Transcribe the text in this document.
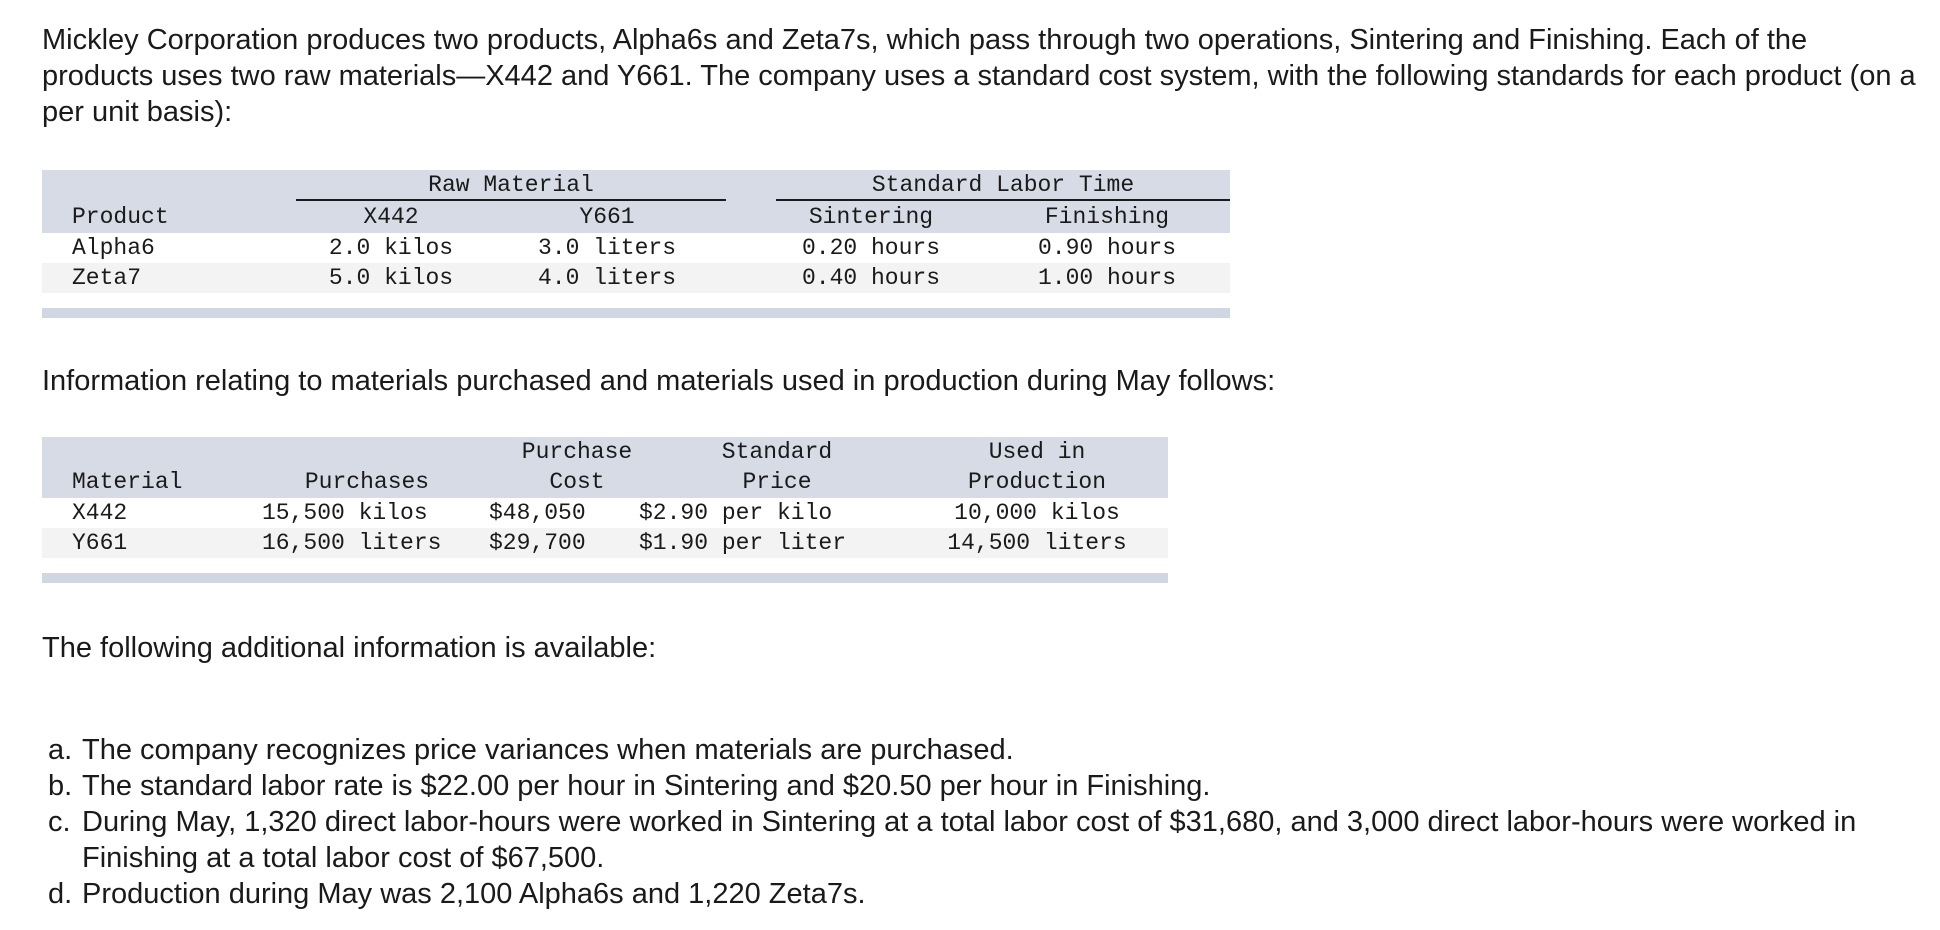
Mickley Corporation produces two products, Alpha6s and Zeta7s, which pass through two operations, Sintering and Finishing. Each of the products uses two raw materials—X442 and Y661. The company uses a standard cost system, with the following standards for each product (on a per unit basis):

Raw Material	Standard Labor Time
Product	X442	Y661	Sintering	Finishing
Alpha6	2.0 kilos	3.0 liters	0.20 hours	0.90 hours
Zeta7	5.0 kilos	4.0 liters	0.40 hours	1.00 hours

Information relating to materials purchased and materials used in production during May follows:

Purchase	Standard	Used in
Material	Purchases	Cost	Price	Production
X442	15,500 kilos	$48,050 $2.90 per kilo	10,000 kilos
Y661	16,500 liters $29,700 $1.90 per liter	14,500 liters

The following additional information is available:

a. The company recognizes price variances when materials are purchased.
b. The standard labor rate is $22.00 per hour in Sintering and $20.50 per hour in Finishing.
c. During May, 1,320 direct labor-hours were worked in Sintering at a total labor cost of $31,680, and 3,000 direct labor-hours were worked in Finishing at a total labor cost of $67,500.
d. Production during May was 2,100 Alpha6s and 1,220 Zeta7s.
